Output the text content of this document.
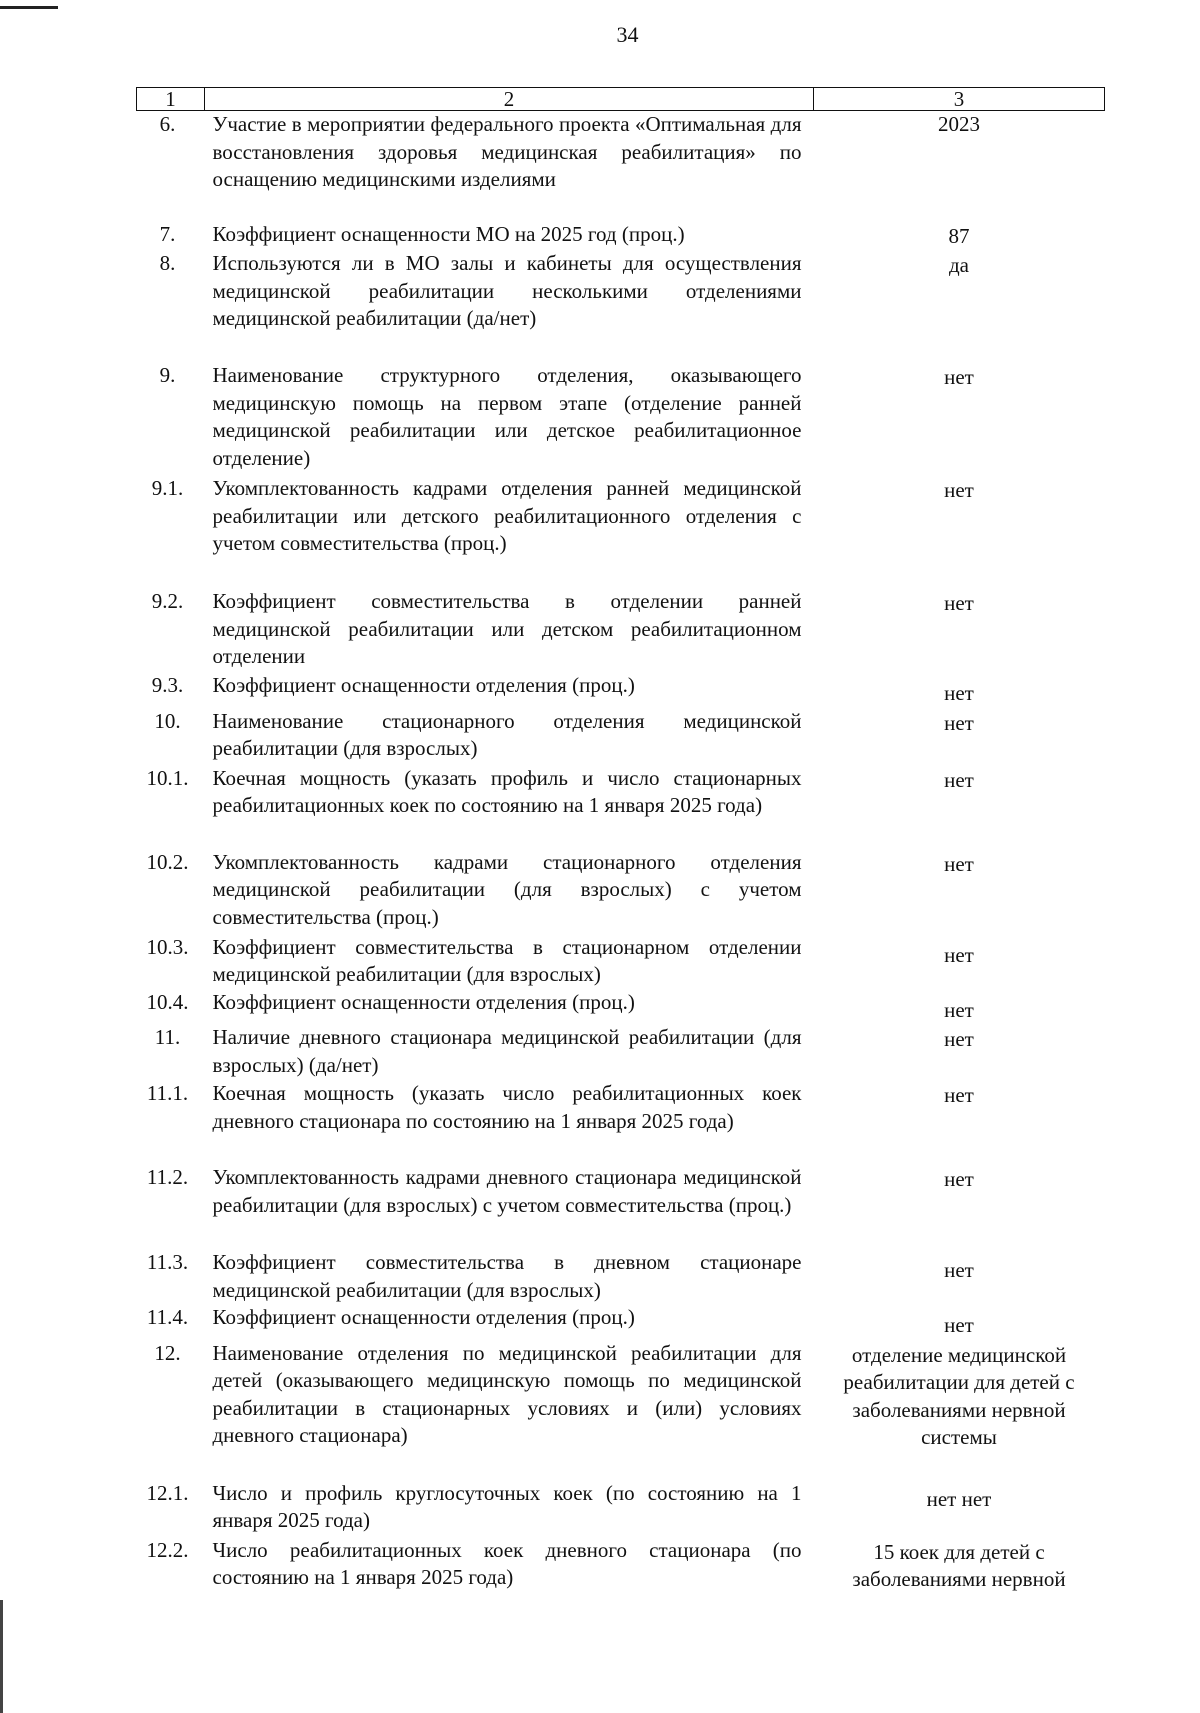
34
1	2	3
6.	Участие в мероприятии федерального проекта «Оптимальная для восстановления здоровья медицинская реабилитация» по оснащению медицинскими изделиями	2023
7.	Коэффициент оснащенности МО на 2025 год (проц.)	87
8.	Используются ли в МО залы и кабинеты для осуществления медицинской реабилитации несколькими отделениями медицинской реабилитации (да/нет)	да
9.	Наименование структурного отделения, оказывающего медицинскую помощь на первом этапе (отделение ранней медицинской реабилитации или детское реабилитационное отделение)	нет
9.1.	Укомплектованность кадрами отделения ранней медицинской реабилитации или детского реабилитационного отделения с учетом совместительства (проц.)	нет
9.2.	Коэффициент совместительства в отделении ранней медицинской реабилитации или детском реабилитационном отделении	нет
9.3.	Коэффициент оснащенности отделения (проц.)	нет
10.	Наименование стационарного отделения медицинской реабилитации (для взрослых)	нет
10.1.	Коечная мощность (указать профиль и число стационарных реабилитационных коек по состоянию на 1 января 2025 года)	нет
10.2.	Укомплектованность кадрами стационарного отделения медицинской реабилитации (для взрослых) с учетом совместительства (проц.)	нет
10.3.	Коэффициент совместительства в стационарном отделении медицинской реабилитации (для взрослых)	нет
10.4.	Коэффициент оснащенности отделения (проц.)	нет
11.	Наличие дневного стационара медицинской реабилитации (для взрослых) (да/нет)	нет
11.1.	Коечная мощность (указать число реабилитационных коек дневного стационара по состоянию на 1 января 2025 года)	нет
11.2.	Укомплектованность кадрами дневного стационара медицинской реабилитации (для взрослых) с учетом совместительства (проц.)	нет
11.3.	Коэффициент совместительства в дневном стационаре медицинской реабилитации (для взрослых)	нет
11.4.	Коэффициент оснащенности отделения (проц.)	нет
12.	Наименование отделения по медицинской реабилитации для детей (оказывающего медицинскую помощь по медицинской реабилитации в стационарных условиях и (или) условиях дневного стационара)	отделение медицинской реабилитации для детей с заболеваниями нервной системы
12.1.	Число и профиль круглосуточных коек (по состоянию на 1 января 2025 года)	нет нет
12.2.	Число реабилитационных коек дневного стационара (по состоянию на 1 января 2025 года)	15 коек для детей с заболеваниями нервной
